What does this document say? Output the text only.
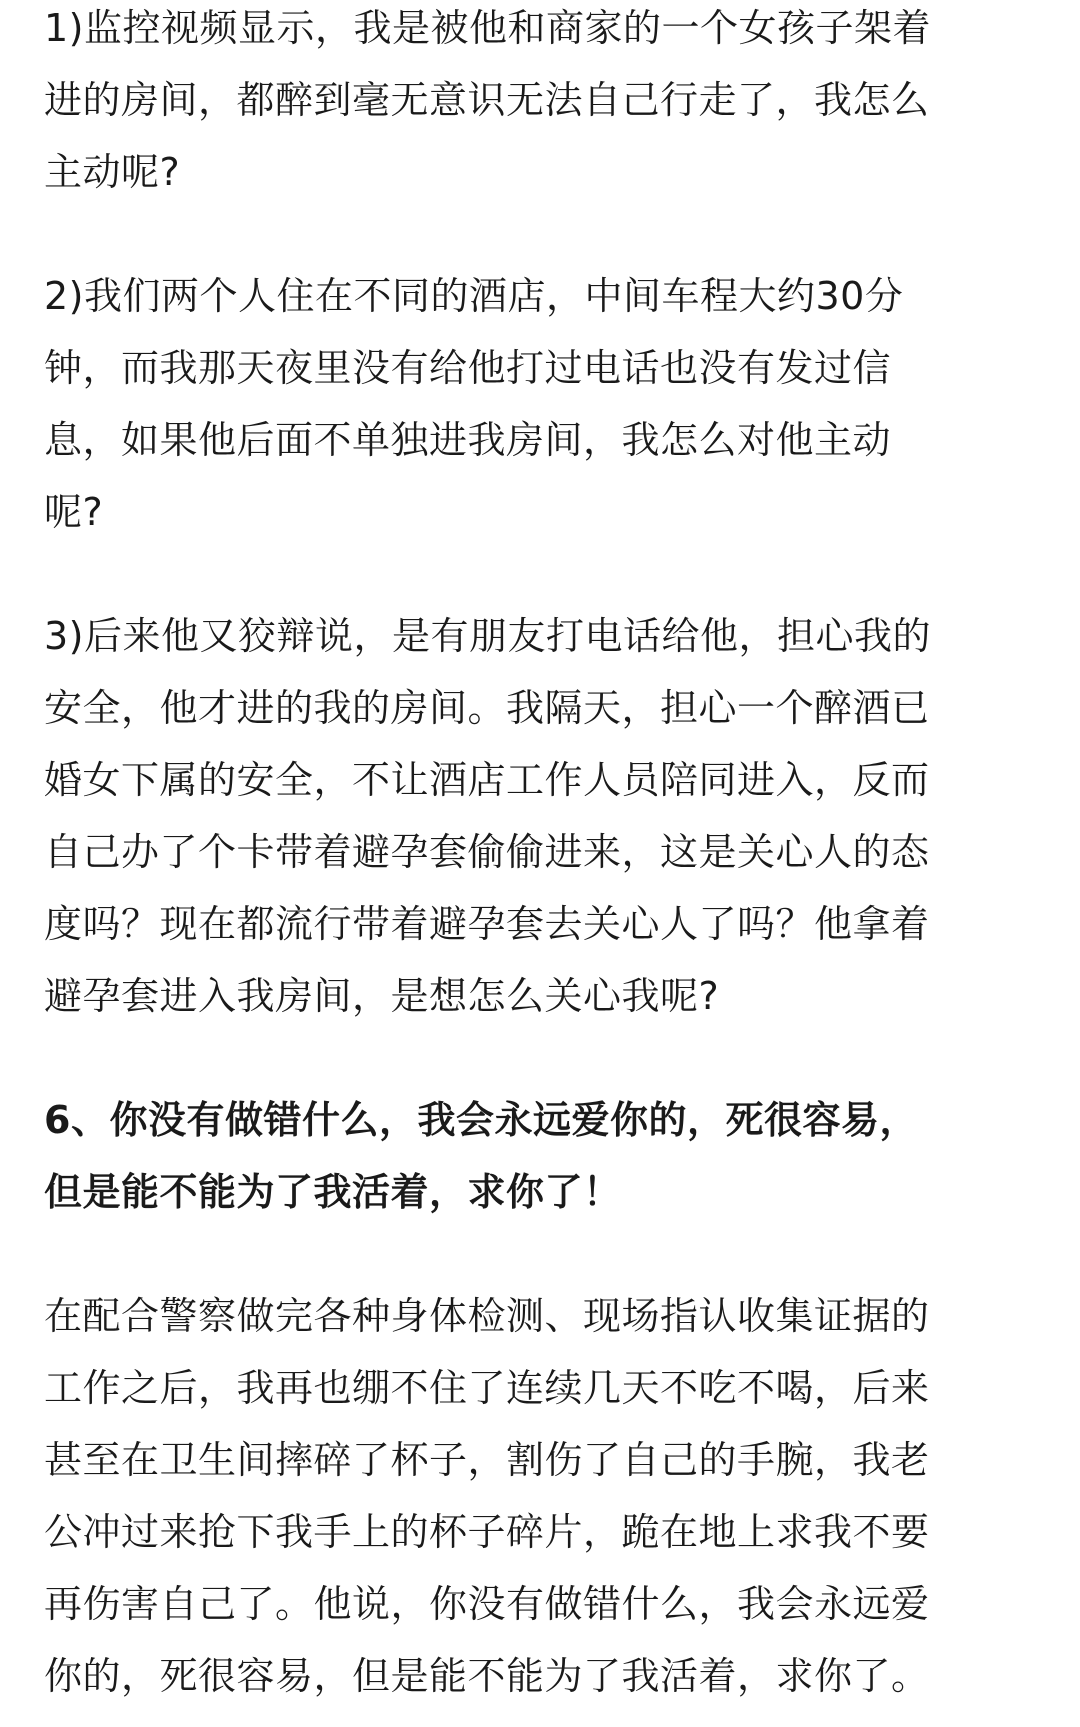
1)监控视频显示，我是被他和商家的一个女孩子架着
进的房间，都醉到毫无意识无法自己行走了，我怎么
主动呢?

2)我们两个人住在不同的酒店，中间车程大约30分
钟，而我那天夜里没有给他打过电话也没有发过信
息，如果他后面不单独进我房间，我怎么对他主动
呢?

3)后来他又狡辩说，是有朋友打电话给他，担心我的
安全，他才进的我的房间。我隔天，担心一个醉酒已
婚女下属的安全，不让酒店工作人员陪同进入，反而
自己办了个卡带着避孕套偷偷进来，这是关心人的态
度吗？现在都流行带着避孕套去关心人了吗？他拿着
避孕套进入我房间，是想怎么关心我呢?

6、你没有做错什么，我会永远爱你的，死很容易，
但是能不能为了我活着，求你了！

在配合警察做完各种身体检测、现场指认收集证据的
工作之后，我再也绷不住了连续几天不吃不喝，后来
甚至在卫生间摔碎了杯子，割伤了自己的手腕，我老
公冲过来抢下我手上的杯子碎片，跪在地上求我不要
再伤害自己了。他说，你没有做错什么，我会永远爱
你的，死很容易，但是能不能为了我活着，求你了。
